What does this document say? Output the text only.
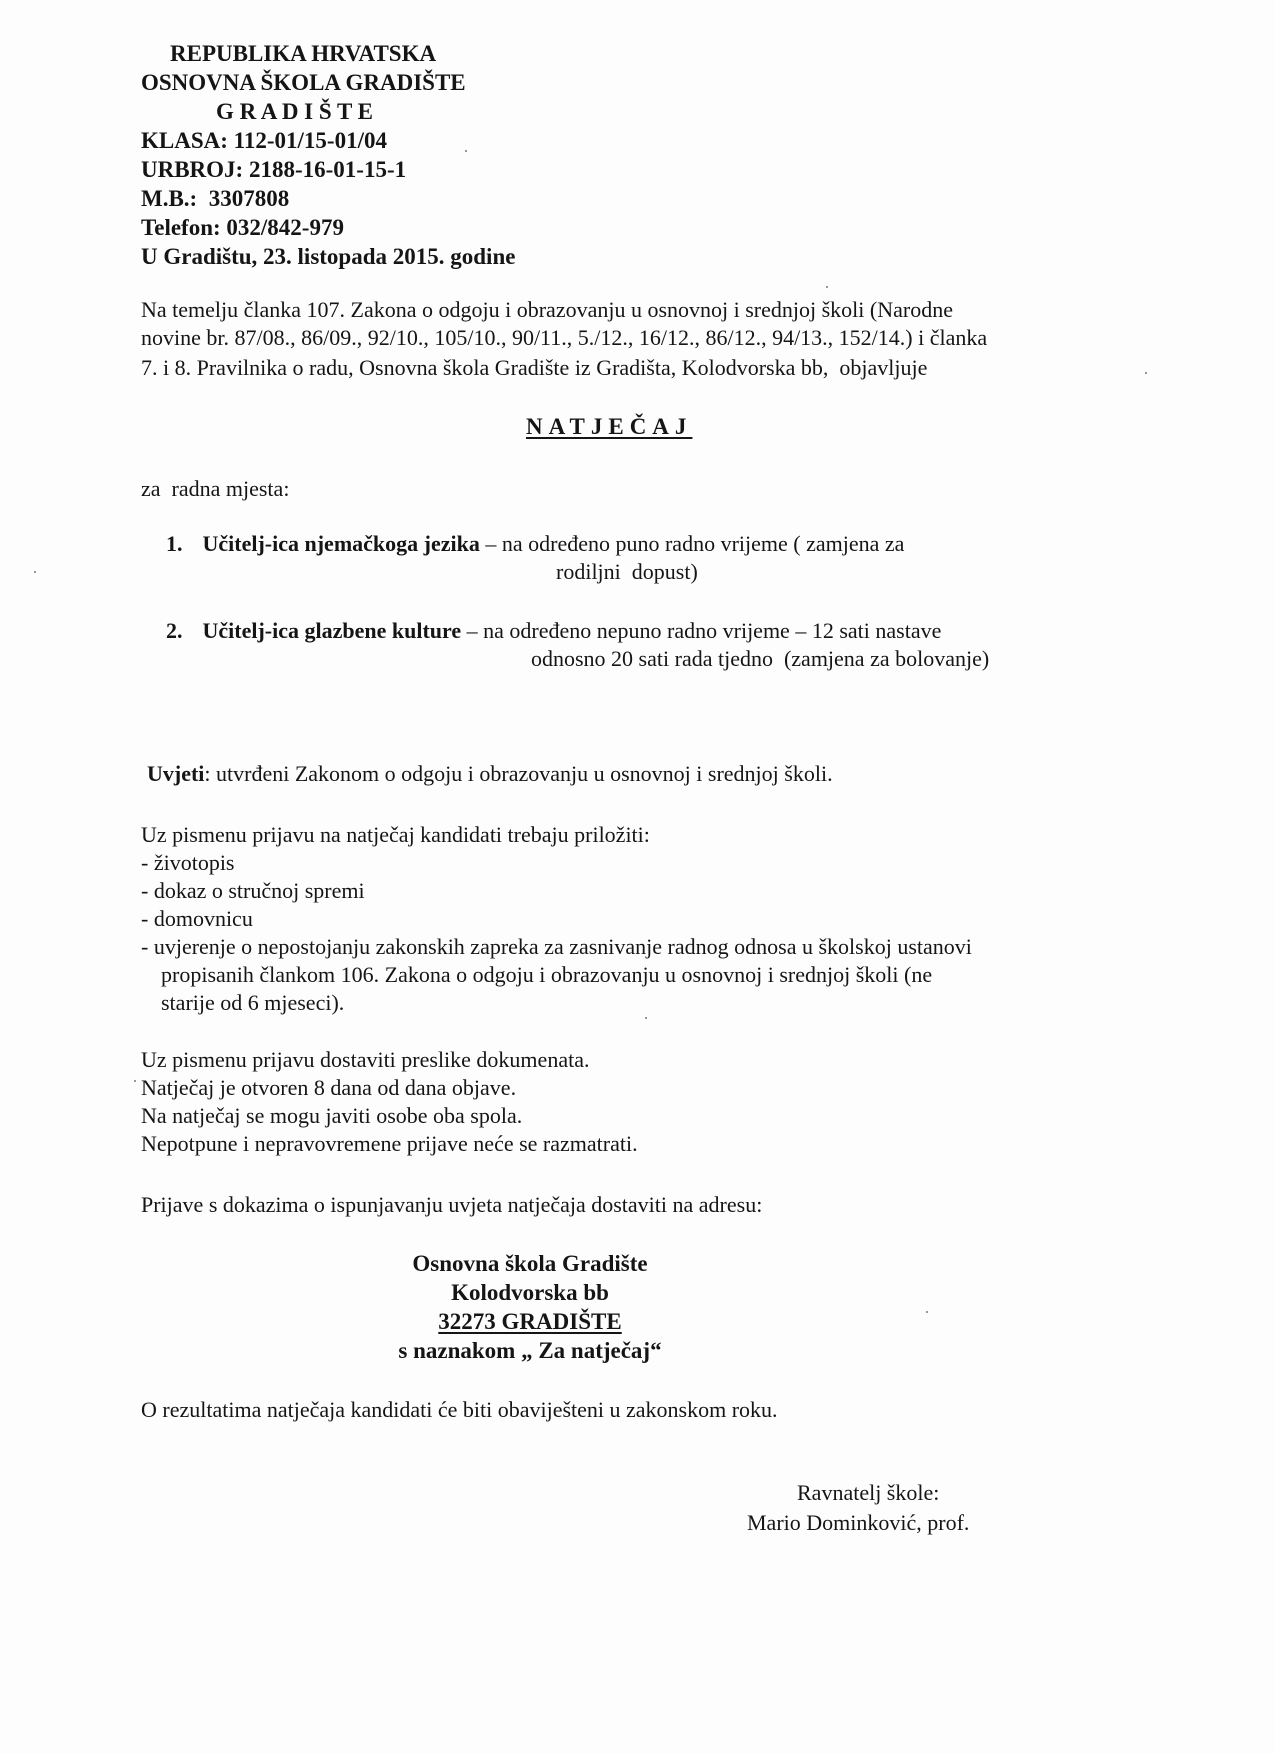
REPUBLIKA HRVATSKA
OSNOVNA ŠKOLA GRADIŠTE
G R A D I Š T E
KLASA: 112-01/15-01/04
URBROJ: 2188-16-01-15-1
M.B.:  3307808
Telefon: 032/842-979
U Gradištu, 23. listopada 2015. godine
Na temelju članka 107. Zakona o odgoju i obrazovanju u osnovnoj i srednjoj školi (Narodne
novine br. 87/08., 86/09., 92/10., 105/10., 90/11., 5./12., 16/12., 86/12., 94/13., 152/14.) i članka
7. i 8. Pravilnika o radu, Osnovna škola Gradište iz Gradišta, Kolodvorska bb,  objavljuje
NATJEČAJ
za  radna mjesta:
1. Učitelj-ica njemačkoga jezika – na određeno puno radno vrijeme ( zamjena za
rodiljni  dopust)
2. Učitelj-ica glazbene kulture – na određeno nepuno radno vrijeme – 12 sati nastave
odnosno 20 sati rada tjedno  (zamjena za bolovanje)
Uvjeti: utvrđeni Zakonom o odgoju i obrazovanju u osnovnoj i srednjoj školi.
Uz pismenu prijavu na natječaj kandidati trebaju priložiti:
- životopis
- dokaz o stručnoj spremi
- domovnicu
- uvjerenje o nepostojanju zakonskih zapreka za zasnivanje radnog odnosa u školskoj ustanovi
propisanih člankom 106. Zakona o odgoju i obrazovanju u osnovnoj i srednjoj školi (ne
starije od 6 mjeseci).
Uz pismenu prijavu dostaviti preslike dokumenata.
Natječaj je otvoren 8 dana od dana objave.
Na natječaj se mogu javiti osobe oba spola.
Nepotpune i nepravovremene prijave neće se razmatrati.
Prijave s dokazima o ispunjavanju uvjeta natječaja dostaviti na adresu:
Osnovna škola Gradište
Kolodvorska bb
32273 GRADIŠTE
s naznakom „ Za natječaj“
O rezultatima natječaja kandidati će biti obaviješteni u zakonskom roku.
Ravnatelj škole:
Mario Dominković, prof.
